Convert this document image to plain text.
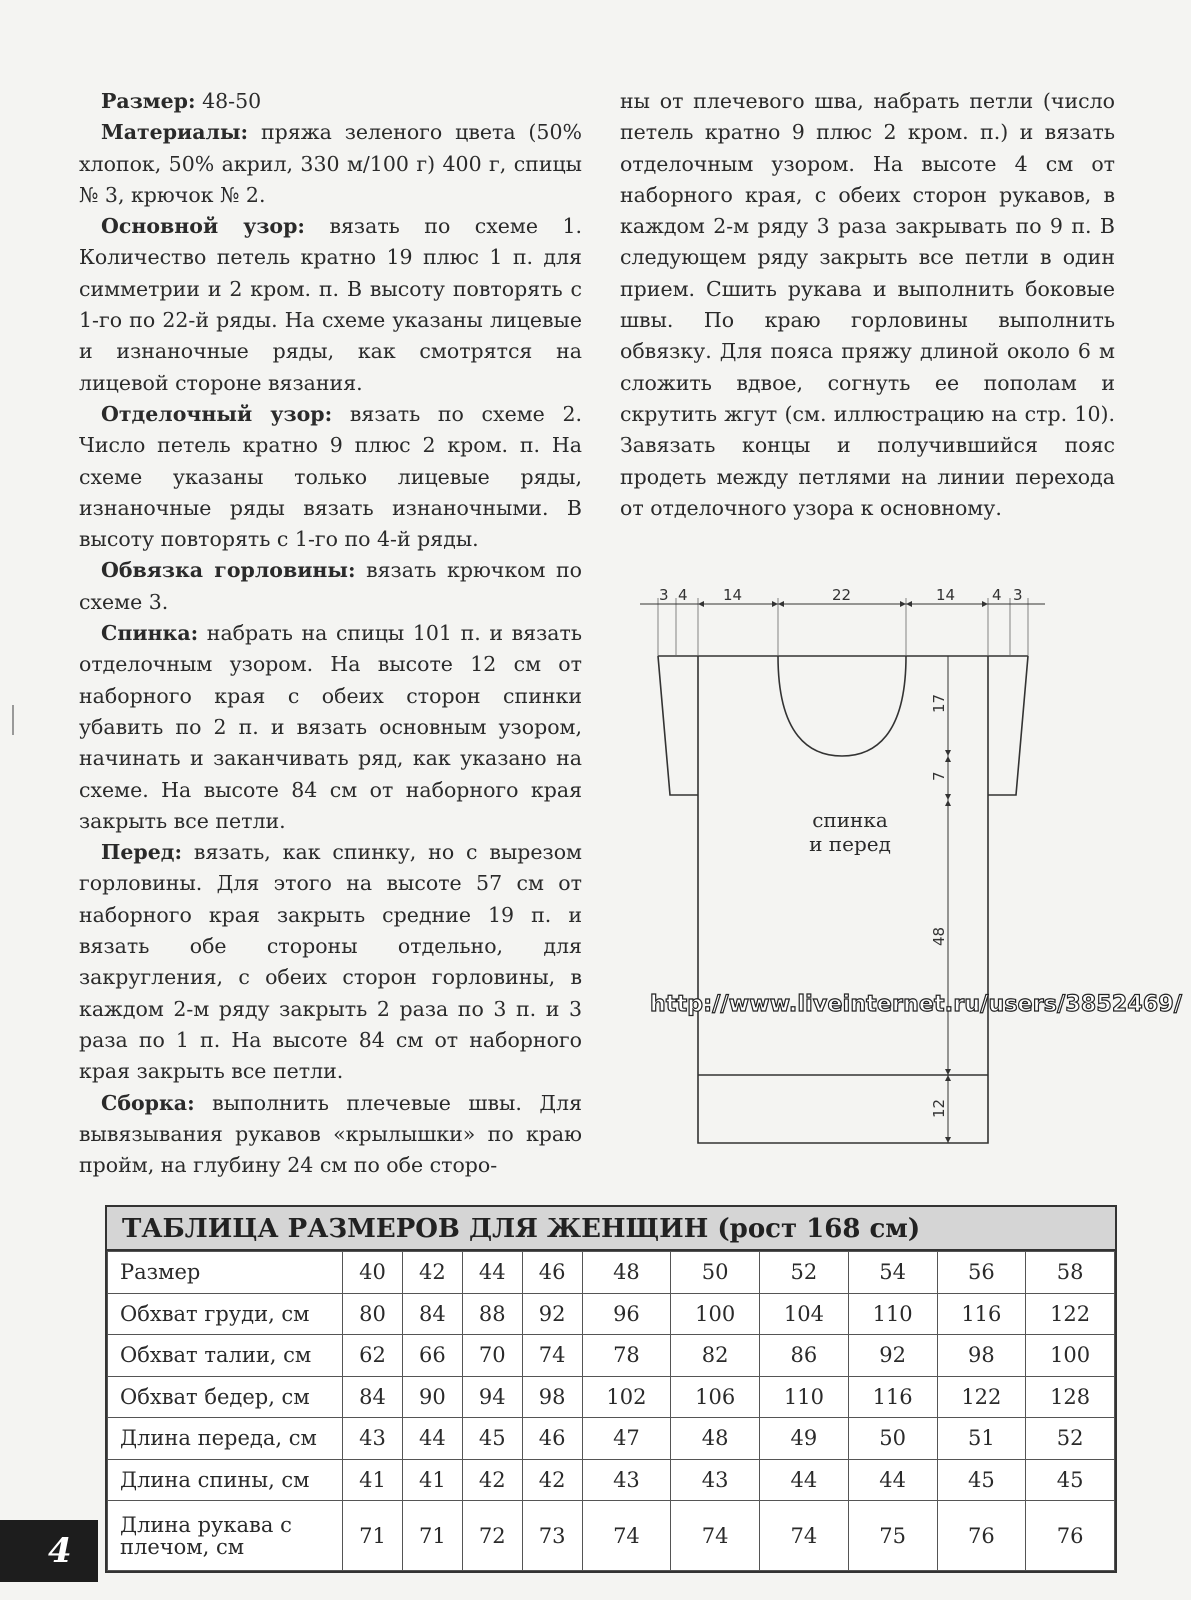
Размер: 48-50

Материалы: пряжа зеленого цвета (50% хлопок, 50% акрил, 330 м/100 г) 400 г, спицы № 3, крючок № 2.

Основной узор: вязать по схеме 1. Количество петель кратно 19 плюс 1 п. для симметрии и 2 кром. п. В высоту повторять с 1-го по 22-й ряды. На схеме указаны лицевые и изнаночные ряды, как смотрятся на лицевой стороне вязания.

Отделочный узор: вязать по схеме 2. Число петель кратно 9 плюс 2 кром. п. На схеме указаны только лицевые ряды, изнаночные ряды вязать изнаночными. В высоту повторять с 1-го по 4-й ряды.

Обвязка горловины: вязать крючком по схеме 3.

Спинка: набрать на спицы 101 п. и вязать отделочным узором. На высоте 12 см от наборного края с обеих сторон спинки убавить по 2 п. и вязать основным узором, начинать и заканчивать ряд, как указано на схеме. На высоте 84 см от наборного края закрыть все петли.

Перед: вязать, как спинку, но с вырезом горловины. Для этого на высоте 57 см от наборного края закрыть средние 19 п. и вязать обе стороны отдельно, для закругления, с обеих сторон горловины, в каждом 2-м ряду закрыть 2 раза по 3 п. и 3 раза по 1 п. На высоте 84 см от наборного края закрыть все петли.

Сборка: выполнить плечевые швы. Для вывязывания рукавов «крылышки» по краю пройм, на глубину 24 см по обе сторо-

ны от плечевого шва, набрать петли (число петель кратно 9 плюс 2 кром. п.) и вязать отделочным узором. На высоте 4 см от наборного края, с обеих сторон рукавов, в каждом 2-м ряду 3 раза закрывать по 9 п. В следующем ряду закрыть все петли в один прием. Сшить рукава и выполнить боковые швы. По краю горловины выполнить обвязку. Для пояса пряжу длиной около 6 м сложить вдвое, согнуть ее пополам и скрутить жгут (см. иллюстрацию на стр. 10). Завязать концы и получившийся пояс продеть между петлями на линии перехода от отделочного узора к основному.

3 4 14	22	14 4 3
17
7
48
12
спинка
и перед
http://www.liveinternet.ru/users/3852469/
ТАБЛИЦА РАЗМЕРОВ ДЛЯ ЖЕНЩИН (рост 168 см)
Размер	40	42	44	46	48	50	52	54	56	58
Обхват груди, см	80	84	88	92	96	100	104	110	116	122
Обхват талии, см	62	66	70	74	78	82	86	92	98	100
Обхват бедер, см	84	90	94	98	102	106	110	116	122	128
Длина переда, см	43	44	45	46	47	48	49	50	51	52
Длина спины, см	41	41	42	42	43	43	44	44	45	45
Длина рукава с плечом, см	71	71	72	73	74	74	74	75	76	76
4
